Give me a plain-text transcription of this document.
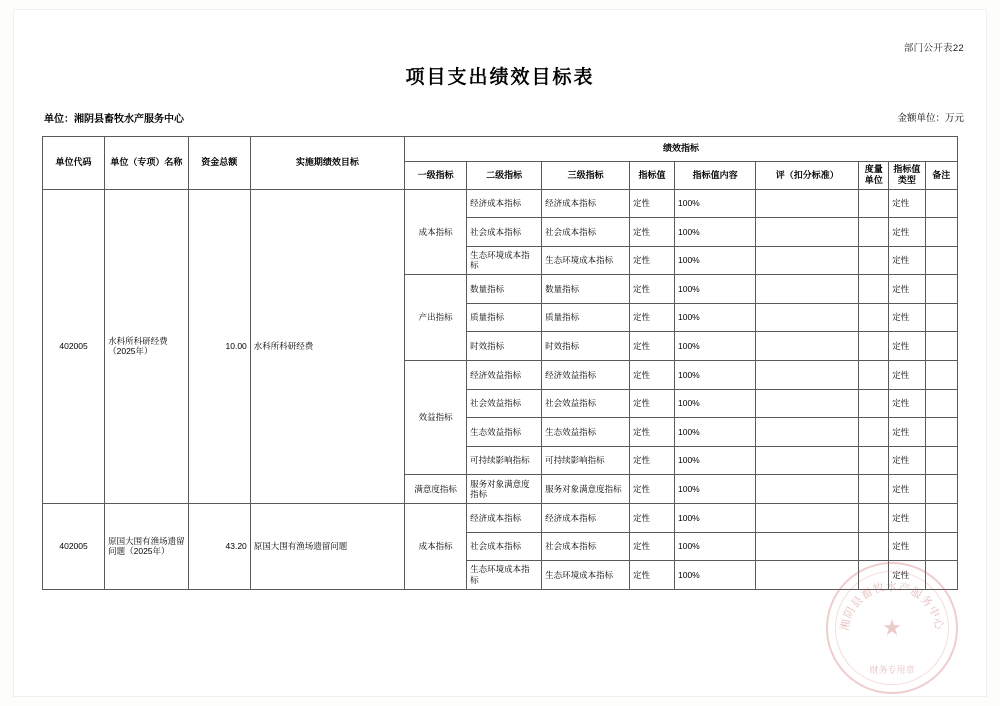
部门公开表22
项目支出绩效目标表
单位：湘阴县畜牧水产服务中心	金额单位：万元
单位代码	单位（专项）名称	资金总额	实施期绩效目标	绩效指标								
				一级指标	二级指标	三级指标	指标值	指标值内容	评（扣分标准）	度量单位	指标值类型	备注
402005	水科所科研经费（2025年）	10.00	水科所科研经费	成本指标	经济成本指标	经济成本指标	定性	100%			定性	
					社会成本指标	社会成本指标	定性	100%			定性	
					生态环境成本指标	生态环境成本指标	定性	100%			定性	
				产出指标	数量指标	数量指标	定性	100%			定性	
					质量指标	质量指标	定性	100%			定性	
					时效指标	时效指标	定性	100%			定性	
				效益指标	经济效益指标	经济效益指标	定性	100%			定性	
					社会效益指标	社会效益指标	定性	100%			定性	
					生态效益指标	生态效益指标	定性	100%			定性	
					可持续影响指标	可持续影响指标	定性	100%			定性	
				满意度指标	服务对象满意度指标	服务对象满意度指标	定性	100%			定性	
402005	原国大围有渔场遗留问题（2025年）	43.20	原国大围有渔场遗留问题	成本指标	经济成本指标	经济成本指标	定性	100%			定性	
					社会成本指标	社会成本指标	定性	100%			定性	
					生态环境成本指标	生态环境成本指标	定性	100%			定性	
湘阴县畜牧水产服务中心
★
财务专用章
